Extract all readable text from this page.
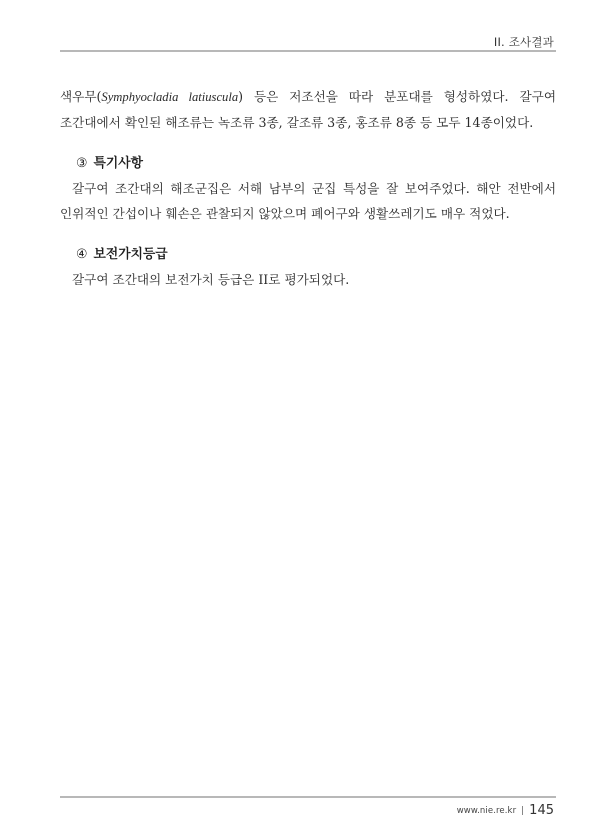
II. 조사결과

색우무(Symphyocladia latiuscula) 등은 저조선을 따라 분포대를 형성하였다. 갈구여

조간대에서 확인된 해조류는 녹조류 3종, 갈조류 3종, 홍조류 8종 등 모두 14종이었다.

③ 특기사항

갈구여 조간대의 해조군집은 서해 남부의 군집 특성을 잘 보여주었다. 해안 전반에서

인위적인 간섭이나 훼손은 관찰되지 않았으며 폐어구와 생활쓰레기도 매우 적었다.

④ 보전가치등급

갈구여 조간대의 보전가치 등급은 II로 평가되었다.

www.nie.re.kr 145
